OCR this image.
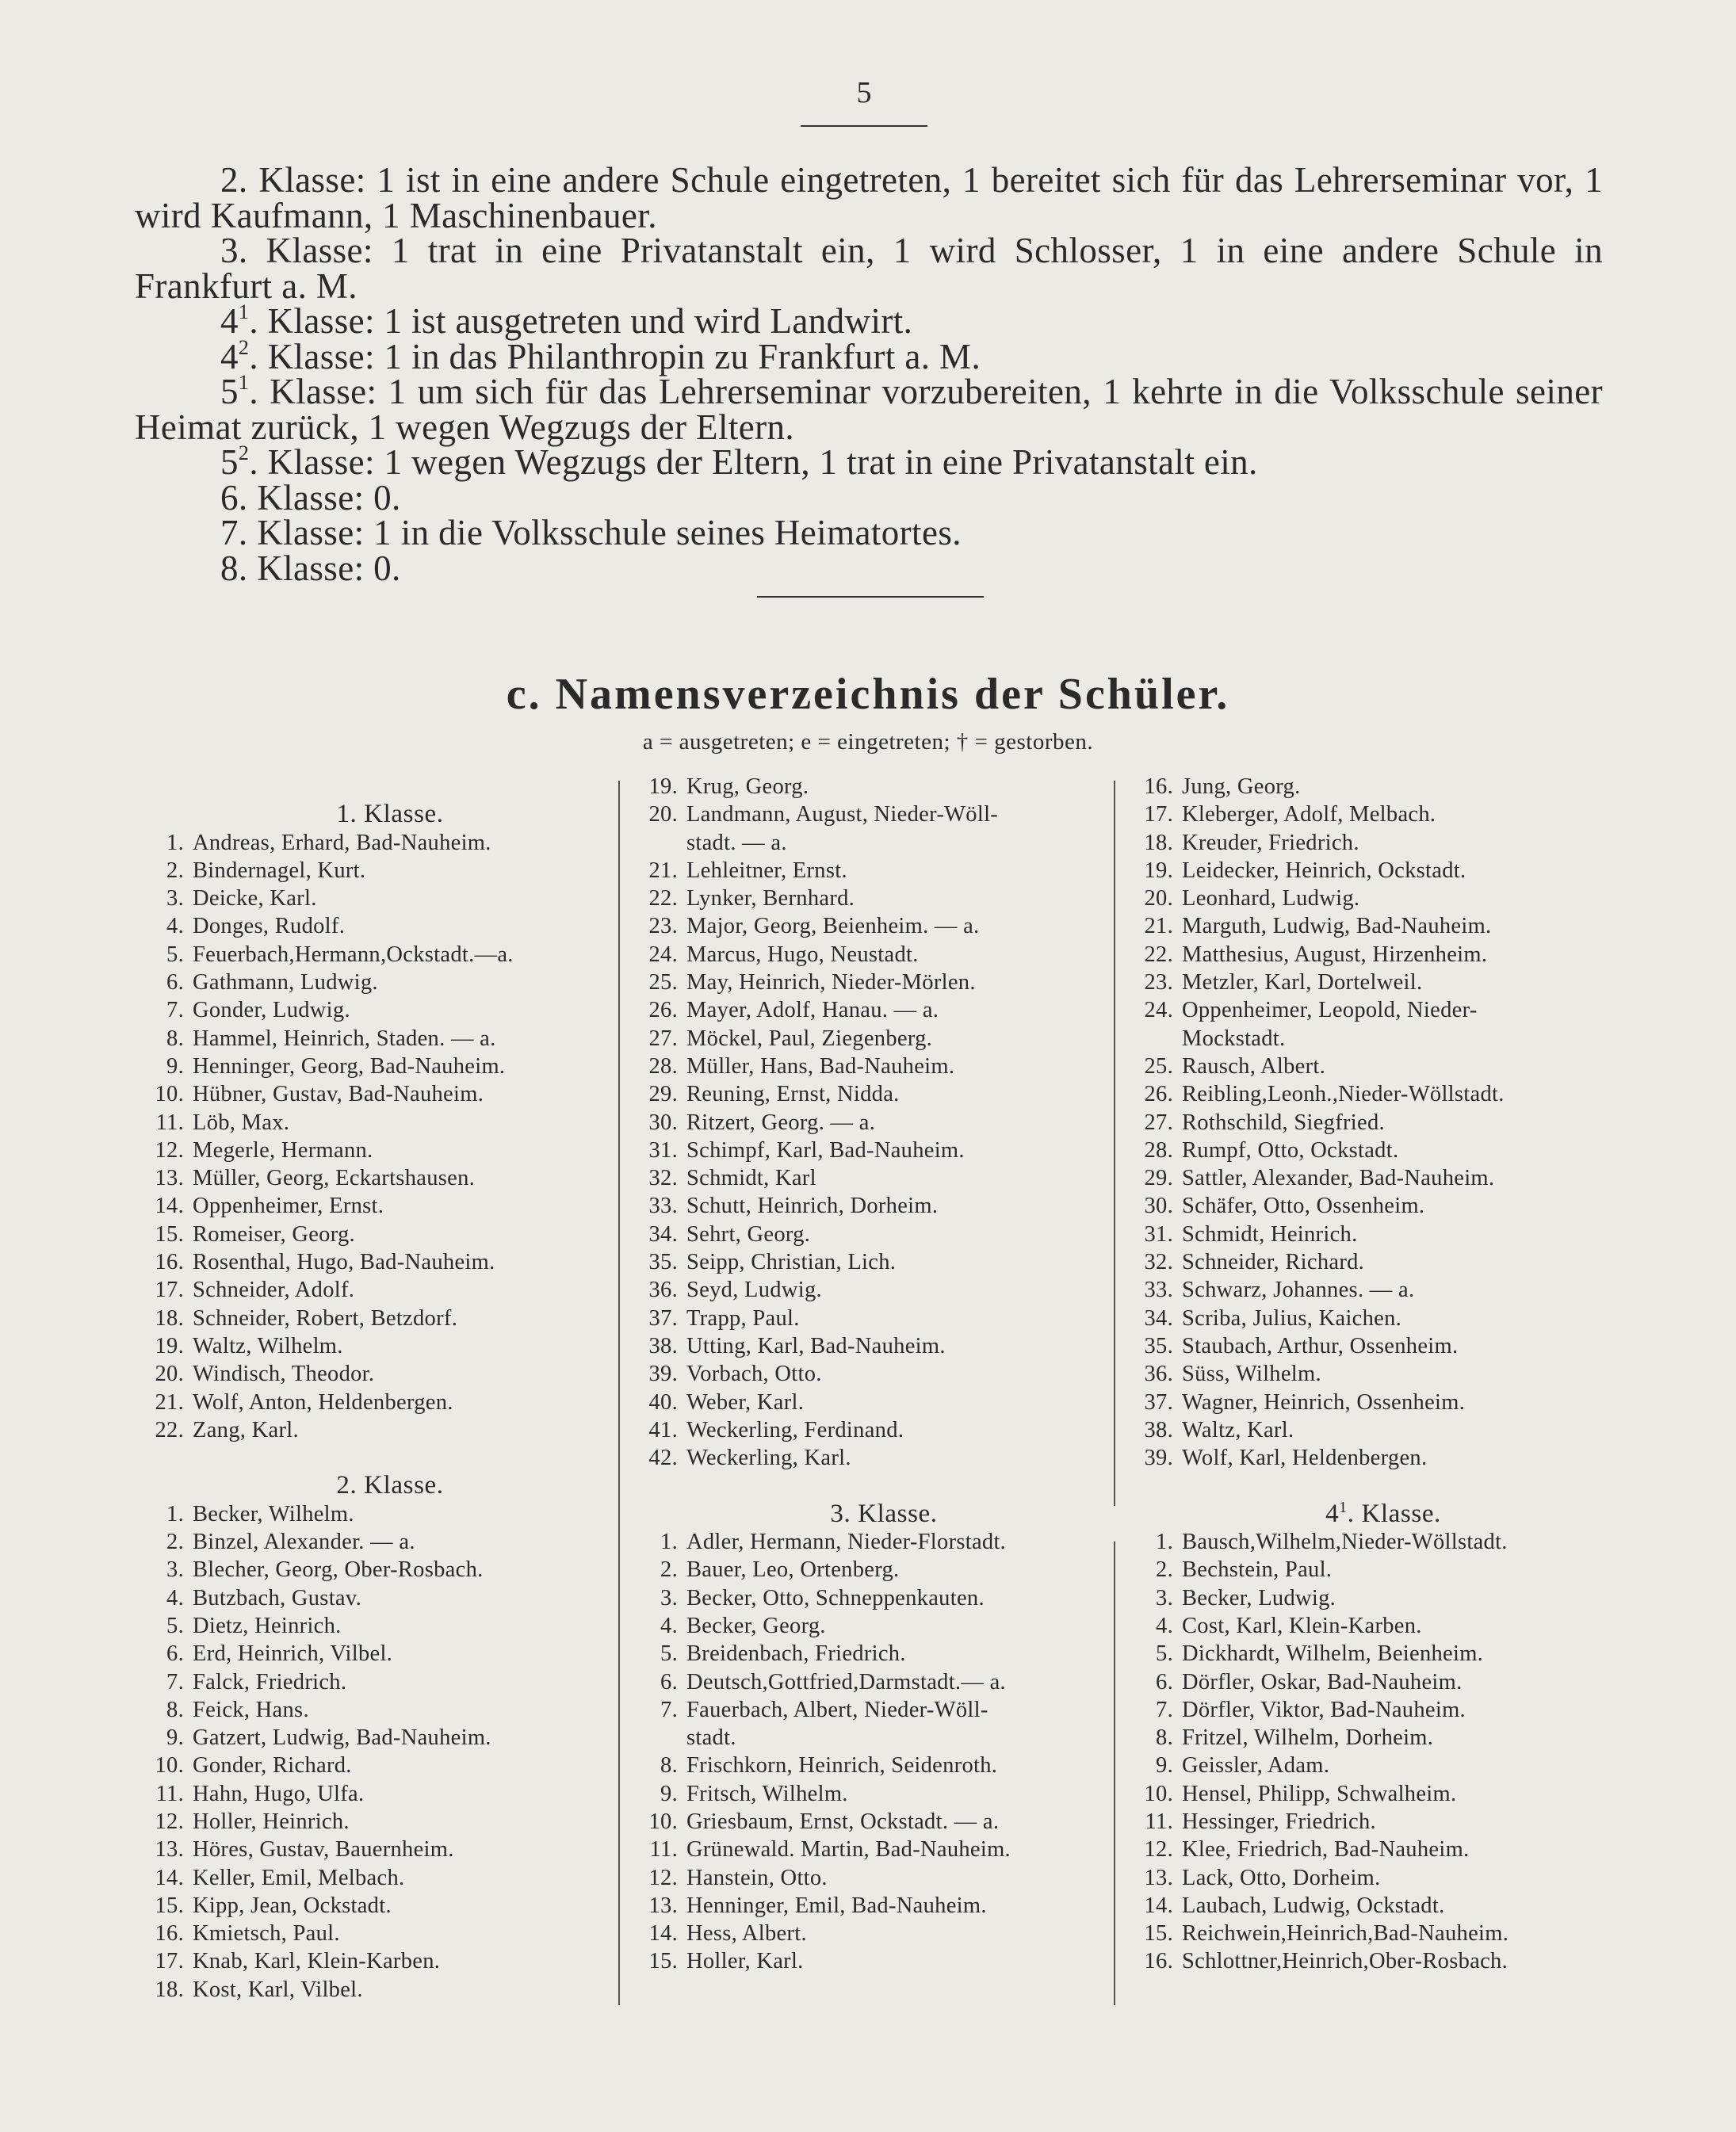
5
2. Klasse: 1 ist in eine andere Schule eingetreten, 1 bereitet sich für das Lehrerseminar vor, 1 wird Kaufmann, 1 Maschinenbauer.
3. Klasse: 1 trat in eine Privatanstalt ein, 1 wird Schlosser, 1 in eine andere Schule in Frankfurt a. M.
$4^1$. Klasse: 1 ist ausgetreten und wird Landwirt.
$4^2$. Klasse: 1 in das Philanthropin zu Frankfurt a. M.
$5^1$. Klasse: 1 um sich für das Lehrerseminar vorzubereiten, 1 kehrte in die Volksschule seiner Heimat zurück, 1 wegen Wegzugs der Eltern.
$5^2$. Klasse: 1 wegen Wegzugs der Eltern, 1 trat in eine Privatanstalt ein.
6. Klasse: 0.
7. Klasse: 1 in die Volksschule seines Heimatortes.
8. Klasse: 0.
c. Namensverzeichnis der Schüler.
a = ausgetreten; e = eingetreten; † = gestorben.
1. Klasse.
1. Andreas, Erhard, Bad-Nauheim.
2. Bindernagel, Kurt.
3. Deicke, Karl.
4. Donges, Rudolf.
5. Feuerbach,Hermann,Ockstadt.—a.
6. Gathmann, Ludwig.
7. Gonder, Ludwig.
8. Hammel, Heinrich, Staden. — a.
9. Henninger, Georg, Bad-Nauheim.
10. Hübner, Gustav, Bad-Nauheim.
11. Löb, Max.
12. Megerle, Hermann.
13. Müller, Georg, Eckartshausen.
14. Oppenheimer, Ernst.
15. Romeiser, Georg.
16. Rosenthal, Hugo, Bad-Nauheim.
17. Schneider, Adolf.
18. Schneider, Robert, Betzdorf.
19. Waltz, Wilhelm.
20. Windisch, Theodor.
21. Wolf, Anton, Heldenbergen.
22. Zang, Karl.
2. Klasse.
1. Becker, Wilhelm.
2. Binzel, Alexander. — a.
3. Blecher, Georg, Ober-Rosbach.
4. Butzbach, Gustav.
5. Dietz, Heinrich.
6. Erd, Heinrich, Vilbel.
7. Falck, Friedrich.
8. Feick, Hans.
9. Gatzert, Ludwig, Bad-Nauheim.
10. Gonder, Richard.
11. Hahn, Hugo, Ulfa.
12. Holler, Heinrich.
13. Höres, Gustav, Bauernheim.
14. Keller, Emil, Melbach.
15. Kipp, Jean, Ockstadt.
16. Kmietsch, Paul.
17. Knab, Karl, Klein-Karben.
18. Kost, Karl, Vilbel.
19. Krug, Georg.
20. Landmann, August, Nieder-Wöll-
stadt. — a.
21. Lehleitner, Ernst.
22. Lynker, Bernhard.
23. Major, Georg, Beienheim. — a.
24. Marcus, Hugo, Neustadt.
25. May, Heinrich, Nieder-Mörlen.
26. Mayer, Adolf, Hanau. — a.
27. Möckel, Paul, Ziegenberg.
28. Müller, Hans, Bad-Nauheim.
29. Reuning, Ernst, Nidda.
30. Ritzert, Georg. — a.
31. Schimpf, Karl, Bad-Nauheim.
32. Schmidt, Karl
33. Schutt, Heinrich, Dorheim.
34. Sehrt, Georg.
35. Seipp, Christian, Lich.
36. Seyd, Ludwig.
37. Trapp, Paul.
38. Utting, Karl, Bad-Nauheim.
39. Vorbach, Otto.
40. Weber, Karl.
41. Weckerling, Ferdinand.
42. Weckerling, Karl.
3. Klasse.
1. Adler, Hermann, Nieder-Florstadt.
2. Bauer, Leo, Ortenberg.
3. Becker, Otto, Schneppenkauten.
4. Becker, Georg.
5. Breidenbach, Friedrich.
6. Deutsch,Gottfried,Darmstadt.— a.
7. Fauerbach, Albert, Nieder-Wöll-
stadt.
8. Frischkorn, Heinrich, Seidenroth.
9. Fritsch, Wilhelm.
10. Griesbaum, Ernst, Ockstadt. — a.
11. Grünewald. Martin, Bad-Nauheim.
12. Hanstein, Otto.
13. Henninger, Emil, Bad-Nauheim.
14. Hess, Albert.
15. Holler, Karl.
16. Jung, Georg.
17. Kleberger, Adolf, Melbach.
18. Kreuder, Friedrich.
19. Leidecker, Heinrich, Ockstadt.
20. Leonhard, Ludwig.
21. Marguth, Ludwig, Bad-Nauheim.
22. Matthesius, August, Hirzenheim.
23. Metzler, Karl, Dortelweil.
24. Oppenheimer, Leopold, Nieder-
Mockstadt.
25. Rausch, Albert.
26. Reibling,Leonh.,Nieder-Wöllstadt.
27. Rothschild, Siegfried.
28. Rumpf, Otto, Ockstadt.
29. Sattler, Alexander, Bad-Nauheim.
30. Schäfer, Otto, Ossenheim.
31. Schmidt, Heinrich.
32. Schneider, Richard.
33. Schwarz, Johannes. — a.
34. Scriba, Julius, Kaichen.
35. Staubach, Arthur, Ossenheim.
36. Süss, Wilhelm.
37. Wagner, Heinrich, Ossenheim.
38. Waltz, Karl.
39. Wolf, Karl, Heldenbergen.
$4^1$. Klasse.
1. Bausch,Wilhelm,Nieder-Wöllstadt.
2. Bechstein, Paul.
3. Becker, Ludwig.
4. Cost, Karl, Klein-Karben.
5. Dickhardt, Wilhelm, Beienheim.
6. Dörfler, Oskar, Bad-Nauheim.
7. Dörfler, Viktor, Bad-Nauheim.
8. Fritzel, Wilhelm, Dorheim.
9. Geissler, Adam.
10. Hensel, Philipp, Schwalheim.
11. Hessinger, Friedrich.
12. Klee, Friedrich, Bad-Nauheim.
13. Lack, Otto, Dorheim.
14. Laubach, Ludwig, Ockstadt.
15. Reichwein,Heinrich,Bad-Nauheim.
16. Schlottner,Heinrich,Ober-Rosbach.
